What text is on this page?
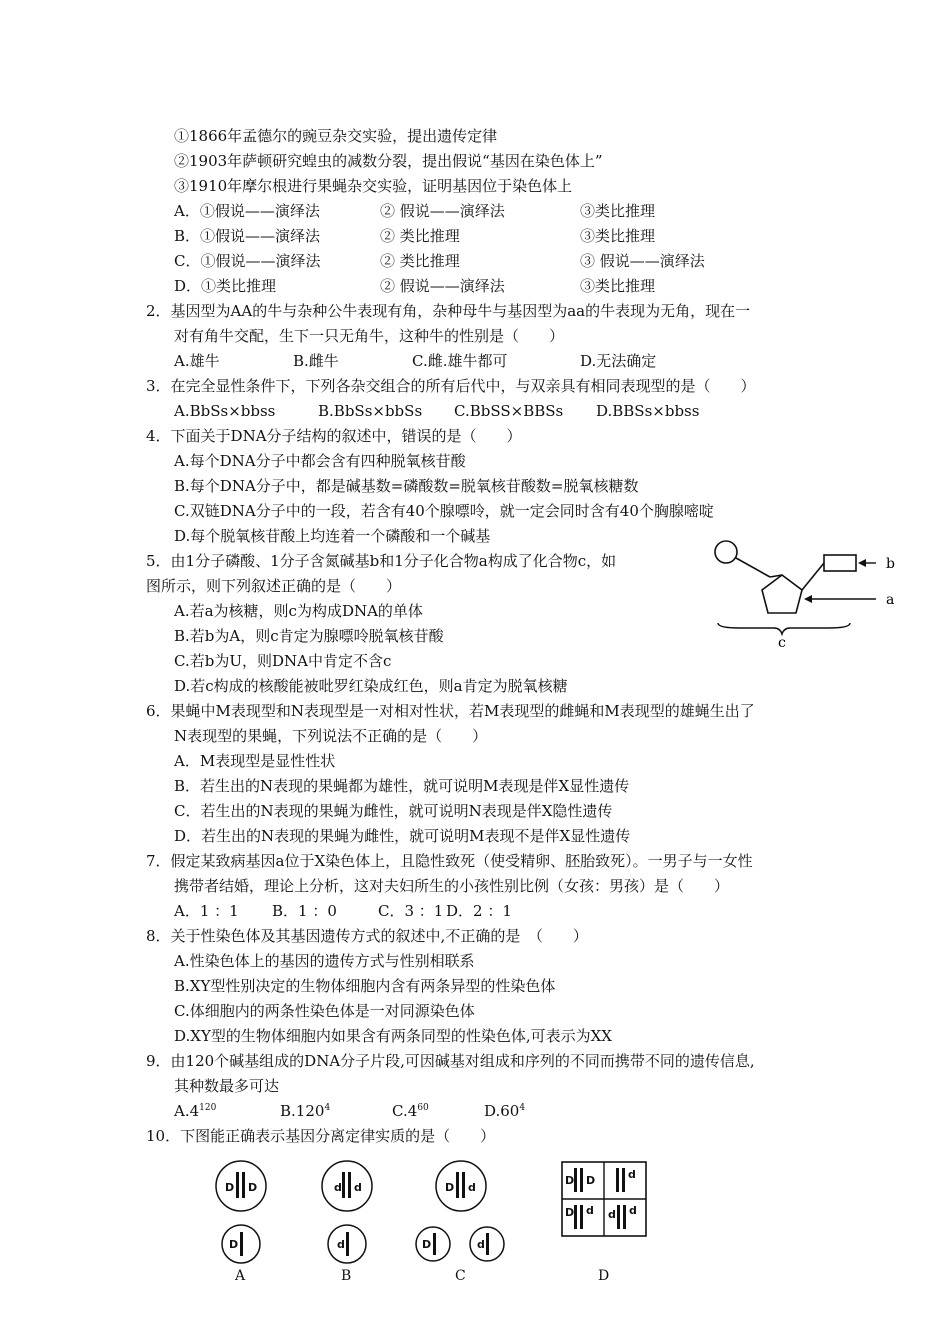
①1866年孟德尔的豌豆杂交实验，提出遗传定律
②1903年萨顿研究蝗虫的减数分裂，提出假说“基因在染色体上”
③1910年摩尔根进行果蝇杂交实验，证明基因位于染色体上
A．①假说——演绎法	② 假说——演绎法	③类比推理
B．①假说——演绎法	② 类比推理	③类比推理
C．①假说——演绎法	② 类比推理	③ 假说——演绎法
D．①类比推理	② 假说——演绎法	③类比推理
2．基因型为AA的牛与杂种公牛表现有角，杂种母牛与基因型为aa的牛表现为无角，现在一
对有角牛交配，生下一只无角牛，这种牛的性别是（　　）
A.雄牛	B.雌牛	C.雌.雄牛都可	D.无法确定
3．在完全显性条件下，下列各杂交组合的所有后代中，与双亲具有相同表现型的是（　　）
A.BbSs×bbss	B.BbSs×bbSs C.BbSS×BBSs D.BBSs×bbss
4．下面关于DNA分子结构的叙述中，错误的是（　　）
A.每个DNA分子中都会含有四种脱氧核苷酸
B.每个DNA分子中，都是碱基数=磷酸数=脱氧核苷酸数=脱氧核糖数
C.双链DNA分子中的一段，若含有40个腺嘌呤，就一定会同时含有40个胸腺嘧啶
D.每个脱氧核苷酸上均连着一个磷酸和一个碱基
5．由1分子磷酸、1分子含氮碱基b和1分子化合物a构成了化合物c，如
图所示，则下列叙述正确的是（　　）
A.若a为核糖，则c为构成DNA的单体
B.若b为A，则c肯定为腺嘌呤脱氧核苷酸
C.若b为U，则DNA中肯定不含c
D.若c构成的核酸能被吡罗红染成红色，则a肯定为脱氧核糖
b
a
c
6．果蝇中M表现型和N表现型是一对相对性状，若M表现型的雌蝇和M表现型的雄蝇生出了
N表现型的果蝇，下列说法不正确的是（　　）
A．M表现型是显性性状
B．若生出的N表现的果蝇都为雄性，就可说明M表现是伴X显性遗传
C．若生出的N表现的果蝇为雌性，就可说明N表现是伴X隐性遗传
D．若生出的N表现的果蝇为雌性，就可说明M表现不是伴X显性遗传
7．假定某致病基因a位于X染色体上，且隐性致死（使受精卵、胚胎致死）。一男子与一女性
携带者结婚，理论上分析，这对夫妇所生的小孩性别比例（女孩：男孩）是（　　）
A．1 ：1 B．1 ：0	C．3 ：1 D．2 ：1
8．关于性染色体及其基因遗传方式的叙述中,不正确的是　（　　）
A.性染色体上的基因的遗传方式与性别相联系
B.XY型性别决定的生物体细胞内含有两条异型的性染色体
C.体细胞内的两条性染色体是一对同源染色体
D.XY型的生物体细胞内如果含有两条同型的性染色体,可表示为XX
9．由120个碱基组成的DNA分子片段,可因碱基对组成和序列的不同而携带不同的遗传信息,
其种数最多可达
$A.4^{120}$	B.120$^4$	$C.4^{60}$	$D.60^4$
10．下图能正确表示基因分离定律实质的是（　　）
D D
D
A
d d
d
B
D d
D	d
C
D D	d
D d d d
D
